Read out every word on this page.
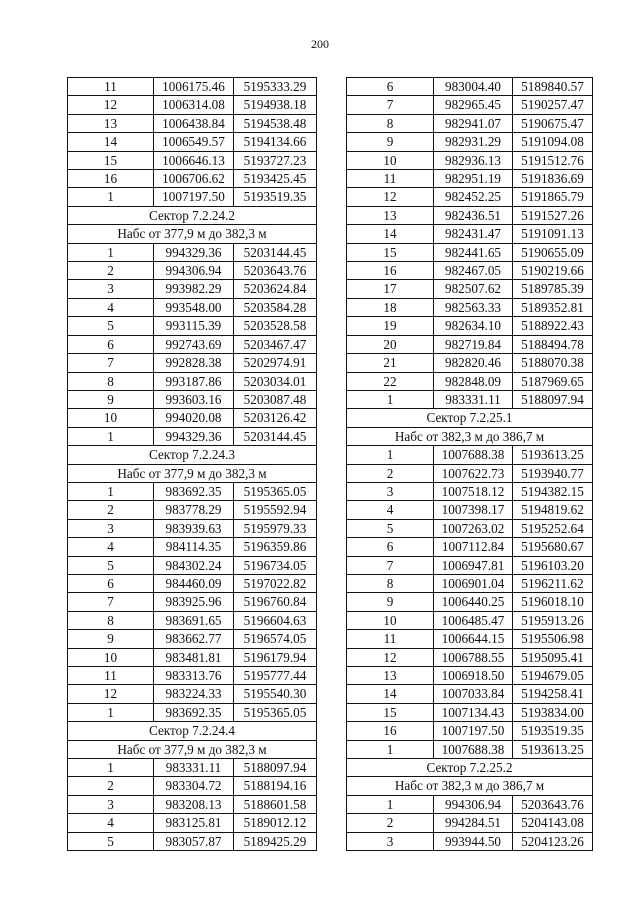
200
11	1006175.46	5195333.29
12	1006314.08	5194938.18
13	1006438.84	5194538.48
14	1006549.57	5194134.66
15	1006646.13	5193727.23
16	1006706.62	5193425.45
1	1007197.50	5193519.35
Сектор 7.2.24.2		
Набс от 377,9 м до 382,3 м		
1	994329.36	5203144.45
2	994306.94	5203643.76
3	993982.29	5203624.84
4	993548.00	5203584.28
5	993115.39	5203528.58
6	992743.69	5203467.47
7	992828.38	5202974.91
8	993187.86	5203034.01
9	993603.16	5203087.48
10	994020.08	5203126.42
1	994329.36	5203144.45
Сектор 7.2.24.3		
Набс от 377,9 м до 382,3 м		
1	983692.35	5195365.05
2	983778.29	5195592.94
3	983939.63	5195979.33
4	984114.35	5196359.86
5	984302.24	5196734.05
6	984460.09	5197022.82
7	983925.96	5196760.84
8	983691.65	5196604.63
9	983662.77	5196574.05
10	983481.81	5196179.94
11	983313.76	5195777.44
12	983224.33	5195540.30
1	983692.35	5195365.05
Сектор 7.2.24.4		
Набс от 377,9 м до 382,3 м		
1	983331.11	5188097.94
2	983304.72	5188194.16
3	983208.13	5188601.58
4	983125.81	5189012.12
5	983057.87	5189425.29
6	983004.40	5189840.57
7	982965.45	5190257.47
8	982941.07	5190675.47
9	982931.29	5191094.08
10	982936.13	5191512.76
11	982951.19	5191836.69
12	982452.25	5191865.79
13	982436.51	5191527.26
14	982431.47	5191091.13
15	982441.65	5190655.09
16	982467.05	5190219.66
17	982507.62	5189785.39
18	982563.33	5189352.81
19	982634.10	5188922.43
20	982719.84	5188494.78
21	982820.46	5188070.38
22	982848.09	5187969.65
1	983331.11	5188097.94
Сектор 7.2.25.1		
Набс от 382,3 м до 386,7 м		
1	1007688.38	5193613.25
2	1007622.73	5193940.77
3	1007518.12	5194382.15
4	1007398.17	5194819.62
5	1007263.02	5195252.64
6	1007112.84	5195680.67
7	1006947.81	5196103.20
8	1006901.04	5196211.62
9	1006440.25	5196018.10
10	1006485.47	5195913.26
11	1006644.15	5195506.98
12	1006788.55	5195095.41
13	1006918.50	5194679.05
14	1007033.84	5194258.41
15	1007134.43	5193834.00
16	1007197.50	5193519.35
1	1007688.38	5193613.25
Сектор 7.2.25.2		
Набс от 382,3 м до 386,7 м		
1	994306.94	5203643.76
2	994284.51	5204143.08
3	993944.50	5204123.26
